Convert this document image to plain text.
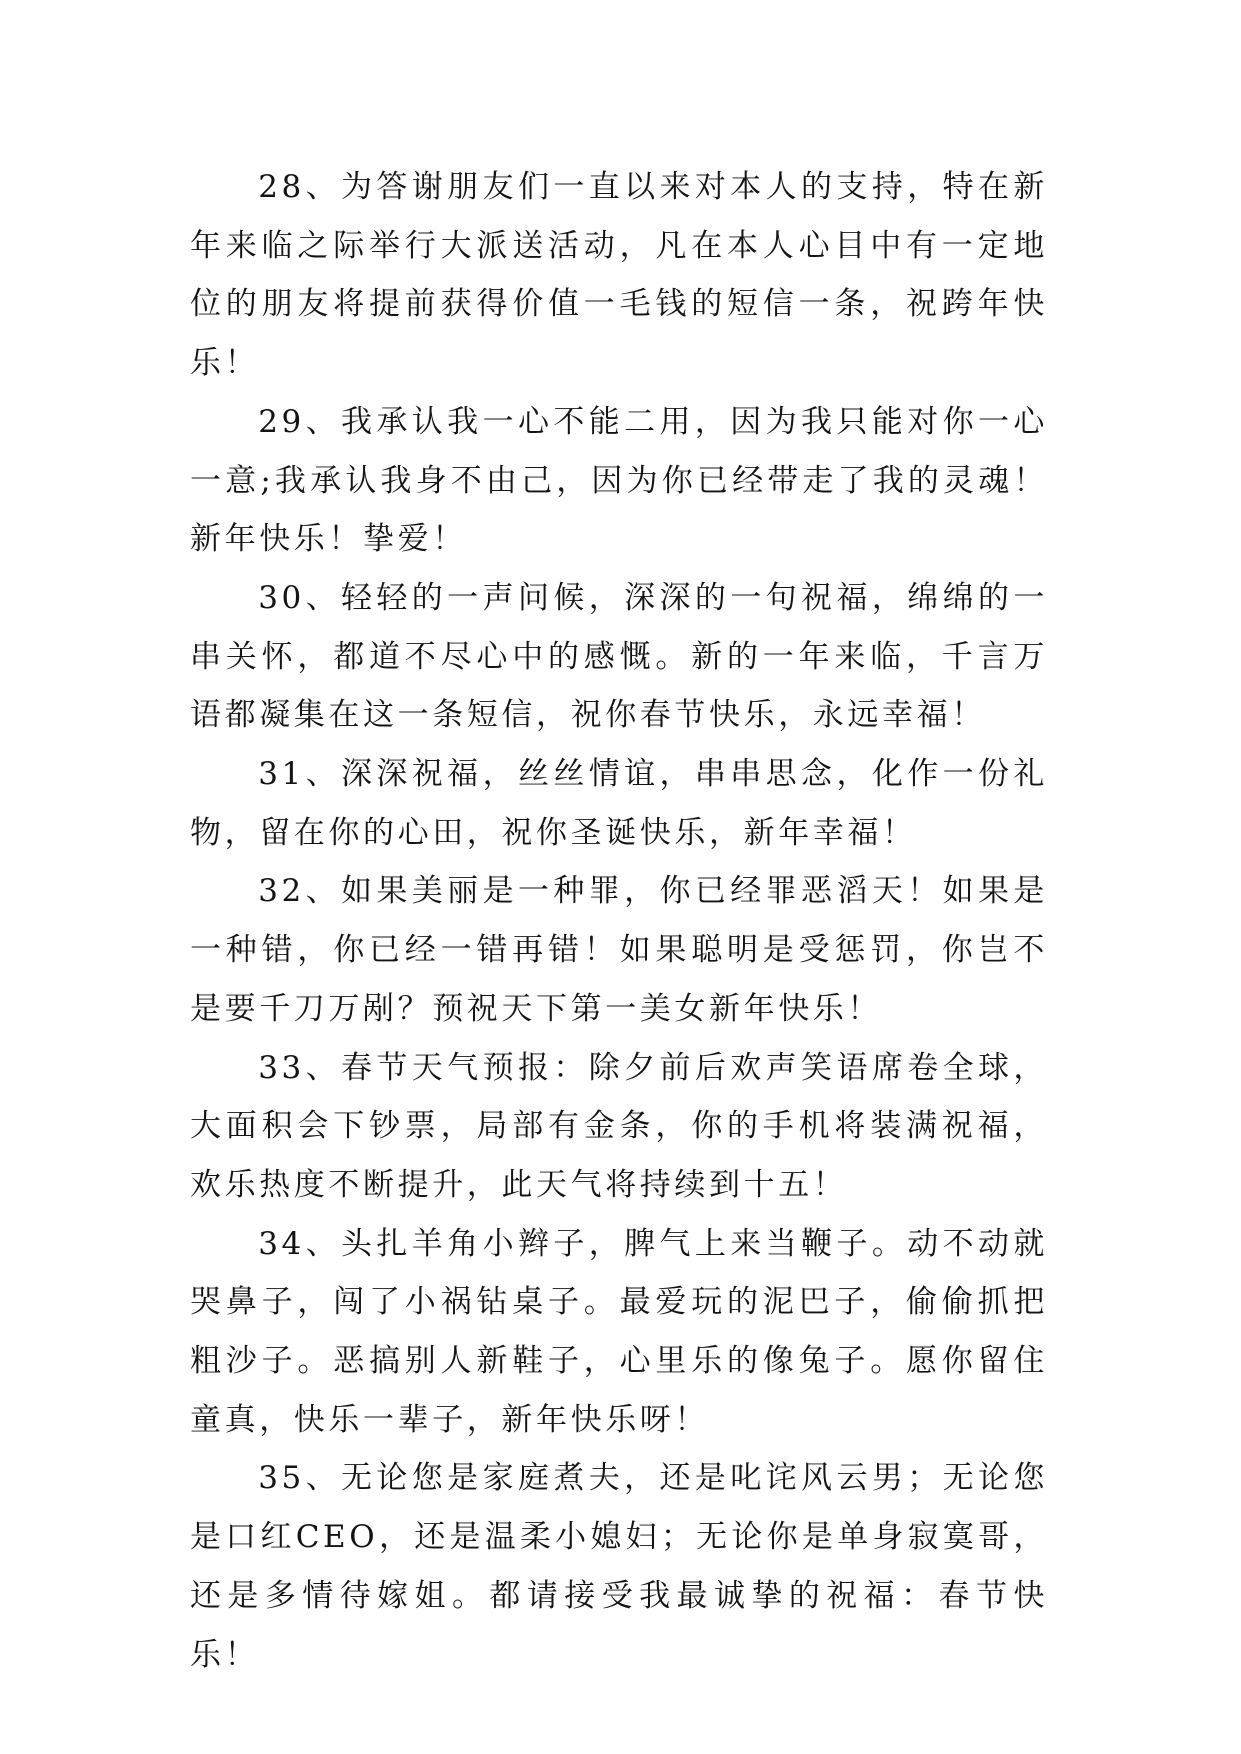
28、为答谢朋友们一直以来对本人的支持，特在新年来临之际举行大派送活动，凡在本人心目中有一定地位的朋友将提前获得价值一毛钱的短信一条，祝跨年快乐！

29、我承认我一心不能二用，因为我只能对你一心一意;我承认我身不由己，因为你已经带走了我的灵魂！新年快乐！挚爱！

30、轻轻的一声问候，深深的一句祝福，绵绵的一串关怀，都道不尽心中的感慨。新的一年来临，千言万语都凝集在这一条短信，祝你春节快乐，永远幸福！

31、深深祝福，丝丝情谊，串串思念，化作一份礼物，留在你的心田，祝你圣诞快乐，新年幸福！

32、如果美丽是一种罪，你已经罪恶滔天！如果是一种错，你已经一错再错！如果聪明是受惩罚，你岂不是要千刀万剐？预祝天下第一美女新年快乐！

33、春节天气预报：除夕前后欢声笑语席卷全球，大面积会下钞票，局部有金条，你的手机将装满祝福，欢乐热度不断提升，此天气将持续到十五！

34、头扎羊角小辫子，脾气上来当鞭子。动不动就哭鼻子，闯了小祸钻桌子。最爱玩的泥巴子，偷偷抓把粗沙子。恶搞别人新鞋子，心里乐的像兔子。愿你留住童真，快乐一辈子，新年快乐呀！

35、无论您是家庭煮夫，还是叱诧风云男；无论您是口红CEO，还是温柔小媳妇；无论你是单身寂寞哥，还是多情待嫁姐。都请接受我最诚挚的祝福：春节快乐！
